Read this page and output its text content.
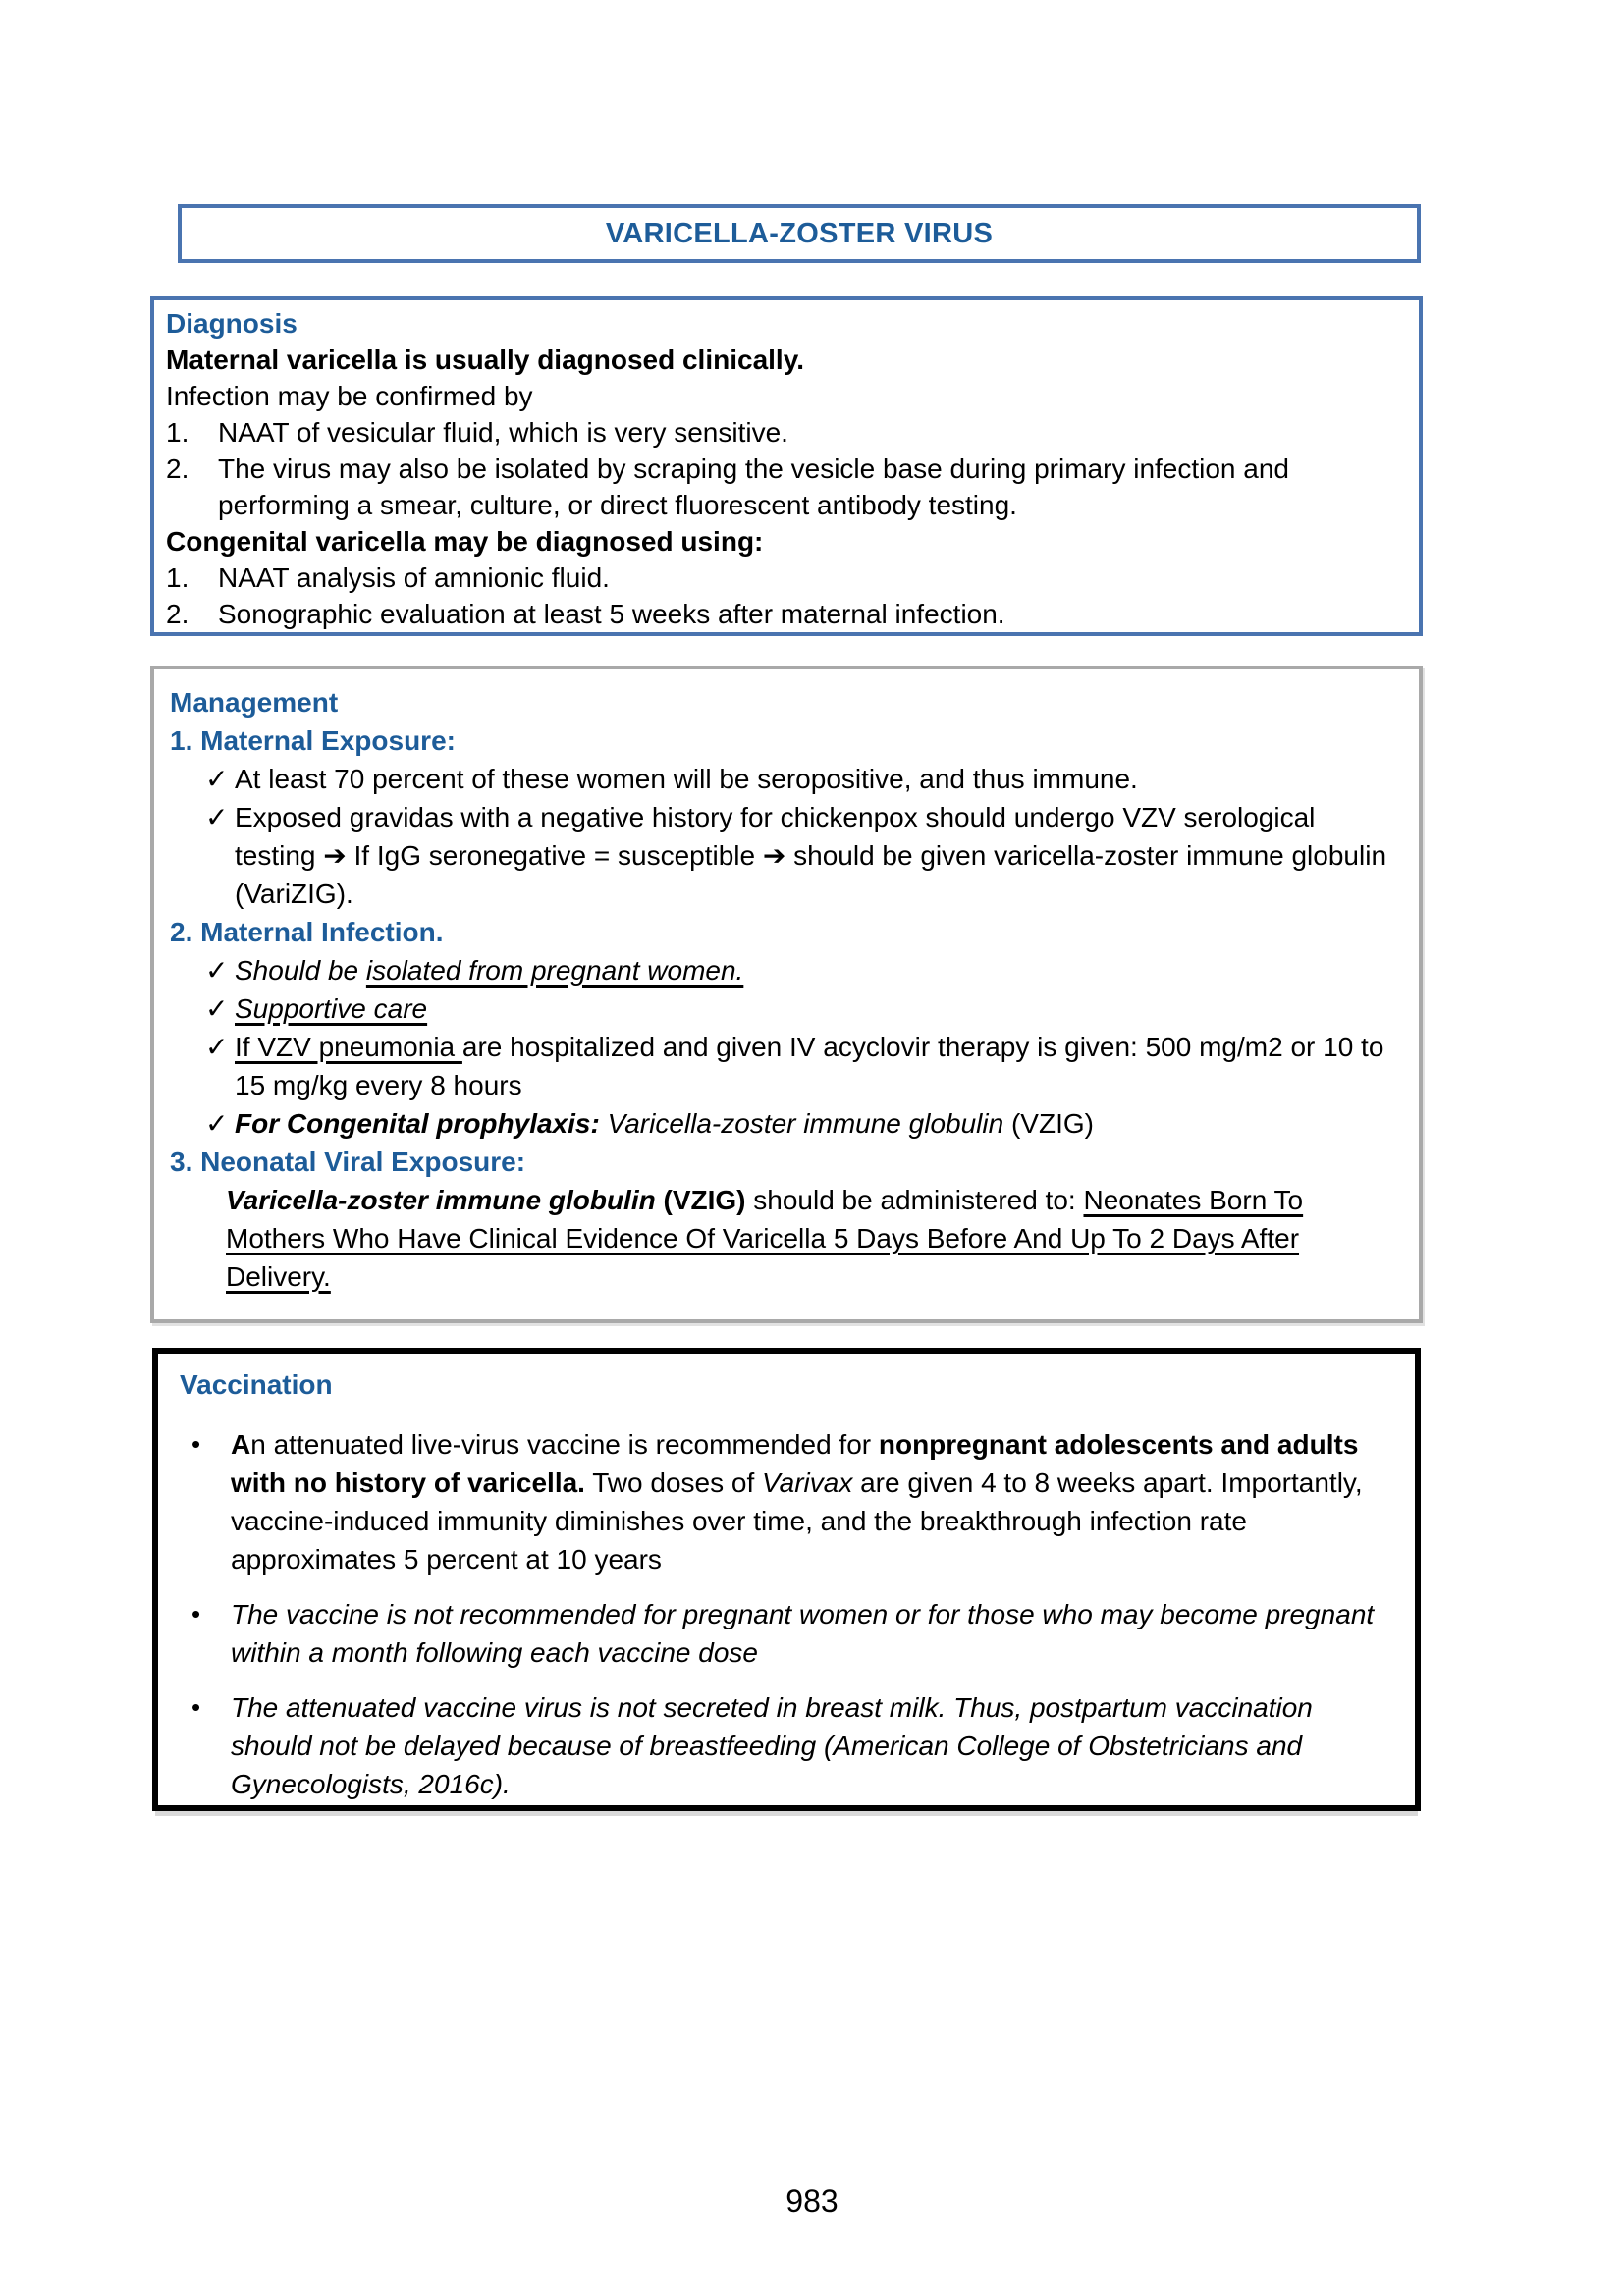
VARICELLA-ZOSTER VIRUS
Diagnosis
Maternal varicella is usually diagnosed clinically.
Infection may be confirmed by
1.	NAAT of vesicular fluid, which is very sensitive.
2.	The virus may also be isolated by scraping the vesicle base during primary infection and performing a smear, culture, or direct fluorescent antibody testing.
Congenital varicella may be diagnosed using:
1.	NAAT analysis of amnionic fluid.
2.	Sonographic evaluation at least 5 weeks after maternal infection.
Management
1. Maternal Exposure:
✓ At least 70 percent of these women will be seropositive, and thus immune.
✓ Exposed gravidas with a negative history for chickenpox should undergo VZV serological testing ➔ If IgG seronegative = susceptible ➔ should be given varicella-zoster immune globulin (VariZIG).
2. Maternal Infection.
✓ Should be isolated from pregnant women.
✓ Supportive care
✓ If VZV pneumonia are hospitalized and given IV acyclovir therapy is given: 500 mg/m2 or 10 to 15 mg/kg every 8 hours
✓ For Congenital prophylaxis: Varicella-zoster immune globulin (VZIG)
3. Neonatal Viral Exposure:
Varicella-zoster immune globulin (VZIG) should be administered to: Neonates Born To Mothers Who Have Clinical Evidence Of Varicella 5 Days Before And Up To 2 Days After Delivery.
Vaccination
•	An attenuated live-virus vaccine is recommended for nonpregnant adolescents and adults with no history of varicella. Two doses of Varivax are given 4 to 8 weeks apart. Importantly, vaccine-induced immunity diminishes over time, and the breakthrough infection rate approximates 5 percent at 10 years
•	The vaccine is not recommended for pregnant women or for those who may become pregnant within a month following each vaccine dose
•	The attenuated vaccine virus is not secreted in breast milk. Thus, postpartum vaccination should not be delayed because of breastfeeding (American College of Obstetricians and Gynecologists, 2016c).
983
